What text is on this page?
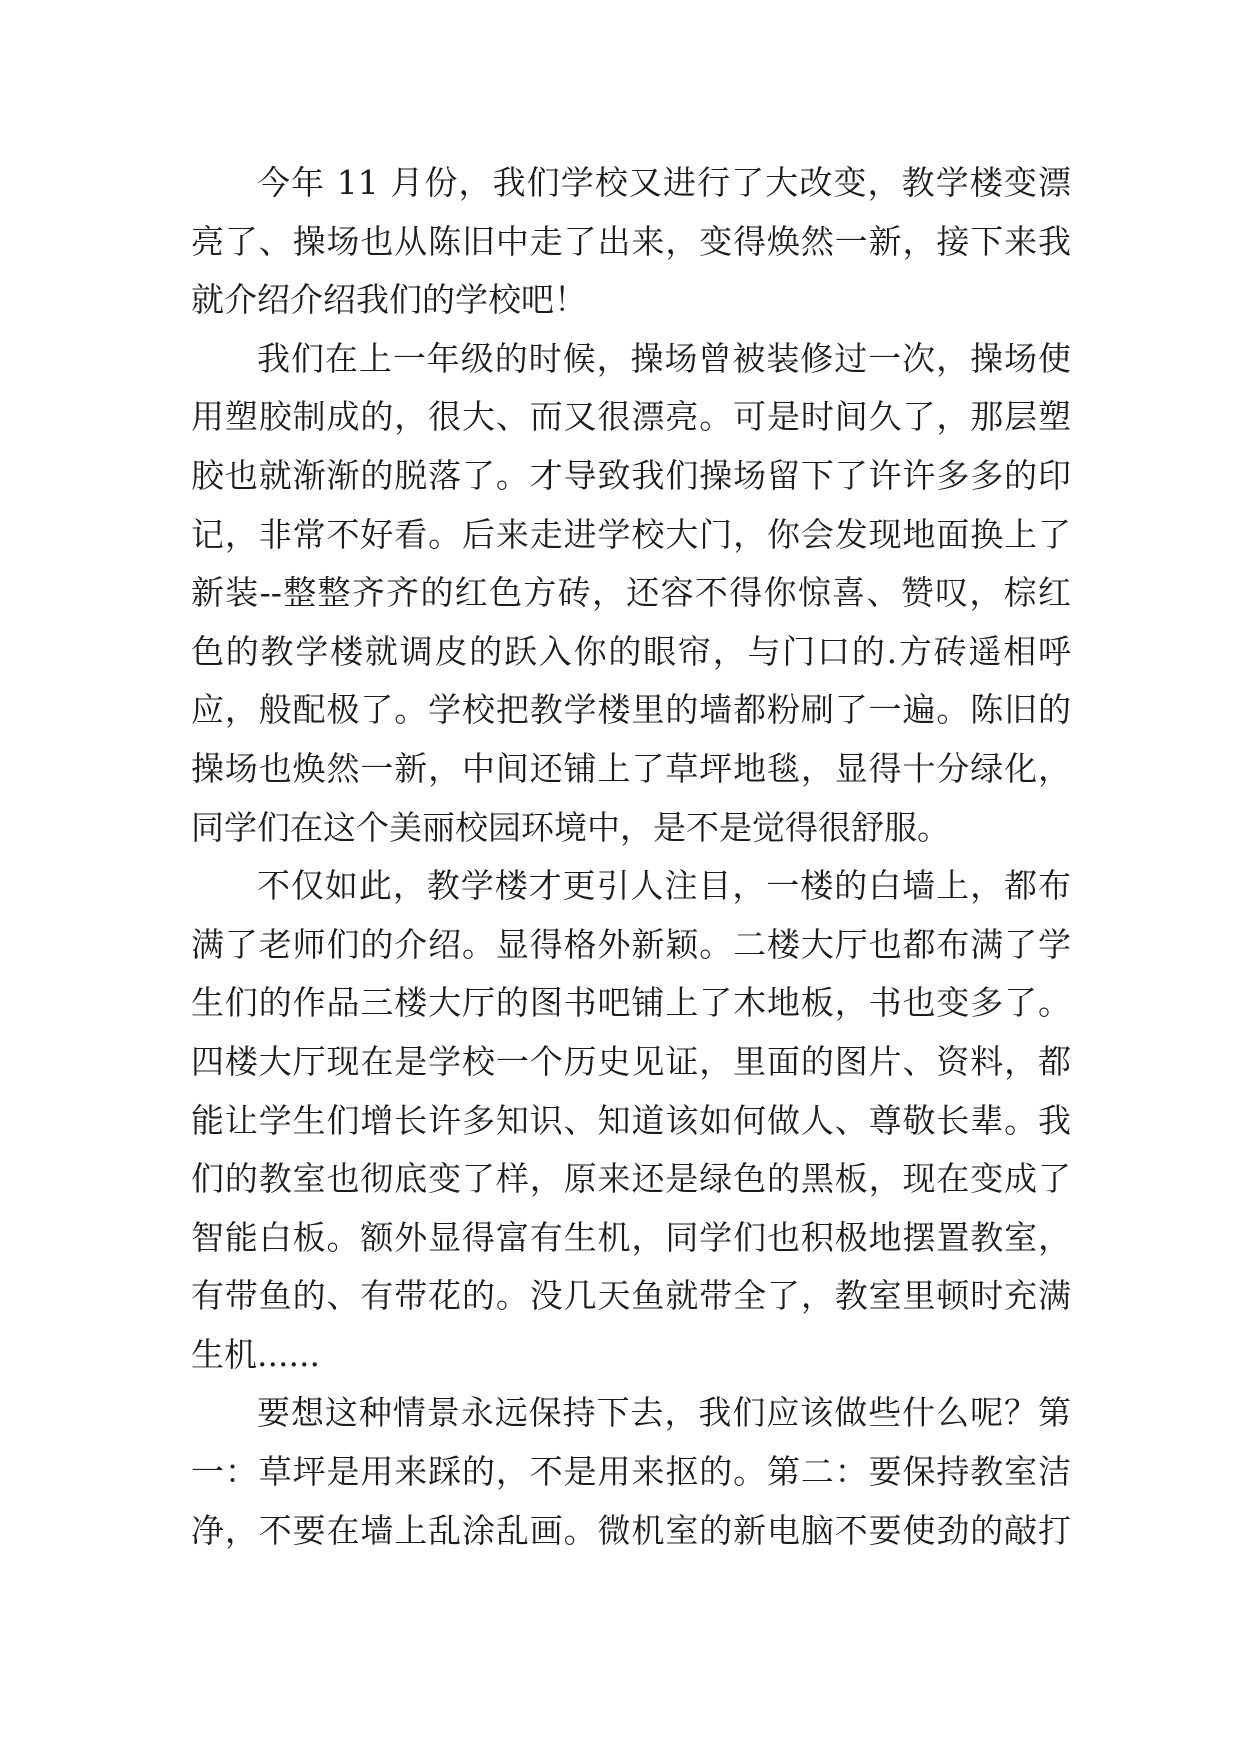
今年 11 月份，我们学校又进行了大改变，教学楼变漂
亮了、操场也从陈旧中走了出来，变得焕然一新，接下来我
就介绍介绍我们的学校吧！
我们在上一年级的时候，操场曾被装修过一次，操场使
用塑胶制成的，很大、而又很漂亮。可是时间久了，那层塑
胶也就渐渐的脱落了。才导致我们操场留下了许许多多的印
记，非常不好看。后来走进学校大门，你会发现地面换上了
新装--整整齐齐的红色方砖，还容不得你惊喜、赞叹，棕红
色的教学楼就调皮的跃入你的眼帘，与门口的.方砖遥相呼
应，般配极了。学校把教学楼里的墙都粉刷了一遍。陈旧的
操场也焕然一新，中间还铺上了草坪地毯，显得十分绿化，
同学们在这个美丽校园环境中，是不是觉得很舒服。
不仅如此，教学楼才更引人注目，一楼的白墙上，都布
满了老师们的介绍。显得格外新颖。二楼大厅也都布满了学
生们的作品三楼大厅的图书吧铺上了木地板，书也变多了。
四楼大厅现在是学校一个历史见证，里面的图片、资料，都
能让学生们增长许多知识、知道该如何做人、尊敬长辈。我
们的教室也彻底变了样，原来还是绿色的黑板，现在变成了
智能白板。额外显得富有生机，同学们也积极地摆置教室，
有带鱼的、有带花的。没几天鱼就带全了，教室里顿时充满
生机......
要想这种情景永远保持下去，我们应该做些什么呢？第
一：草坪是用来踩的，不是用来抠的。第二：要保持教室洁
净，不要在墙上乱涂乱画。微机室的新电脑不要使劲的敲打
